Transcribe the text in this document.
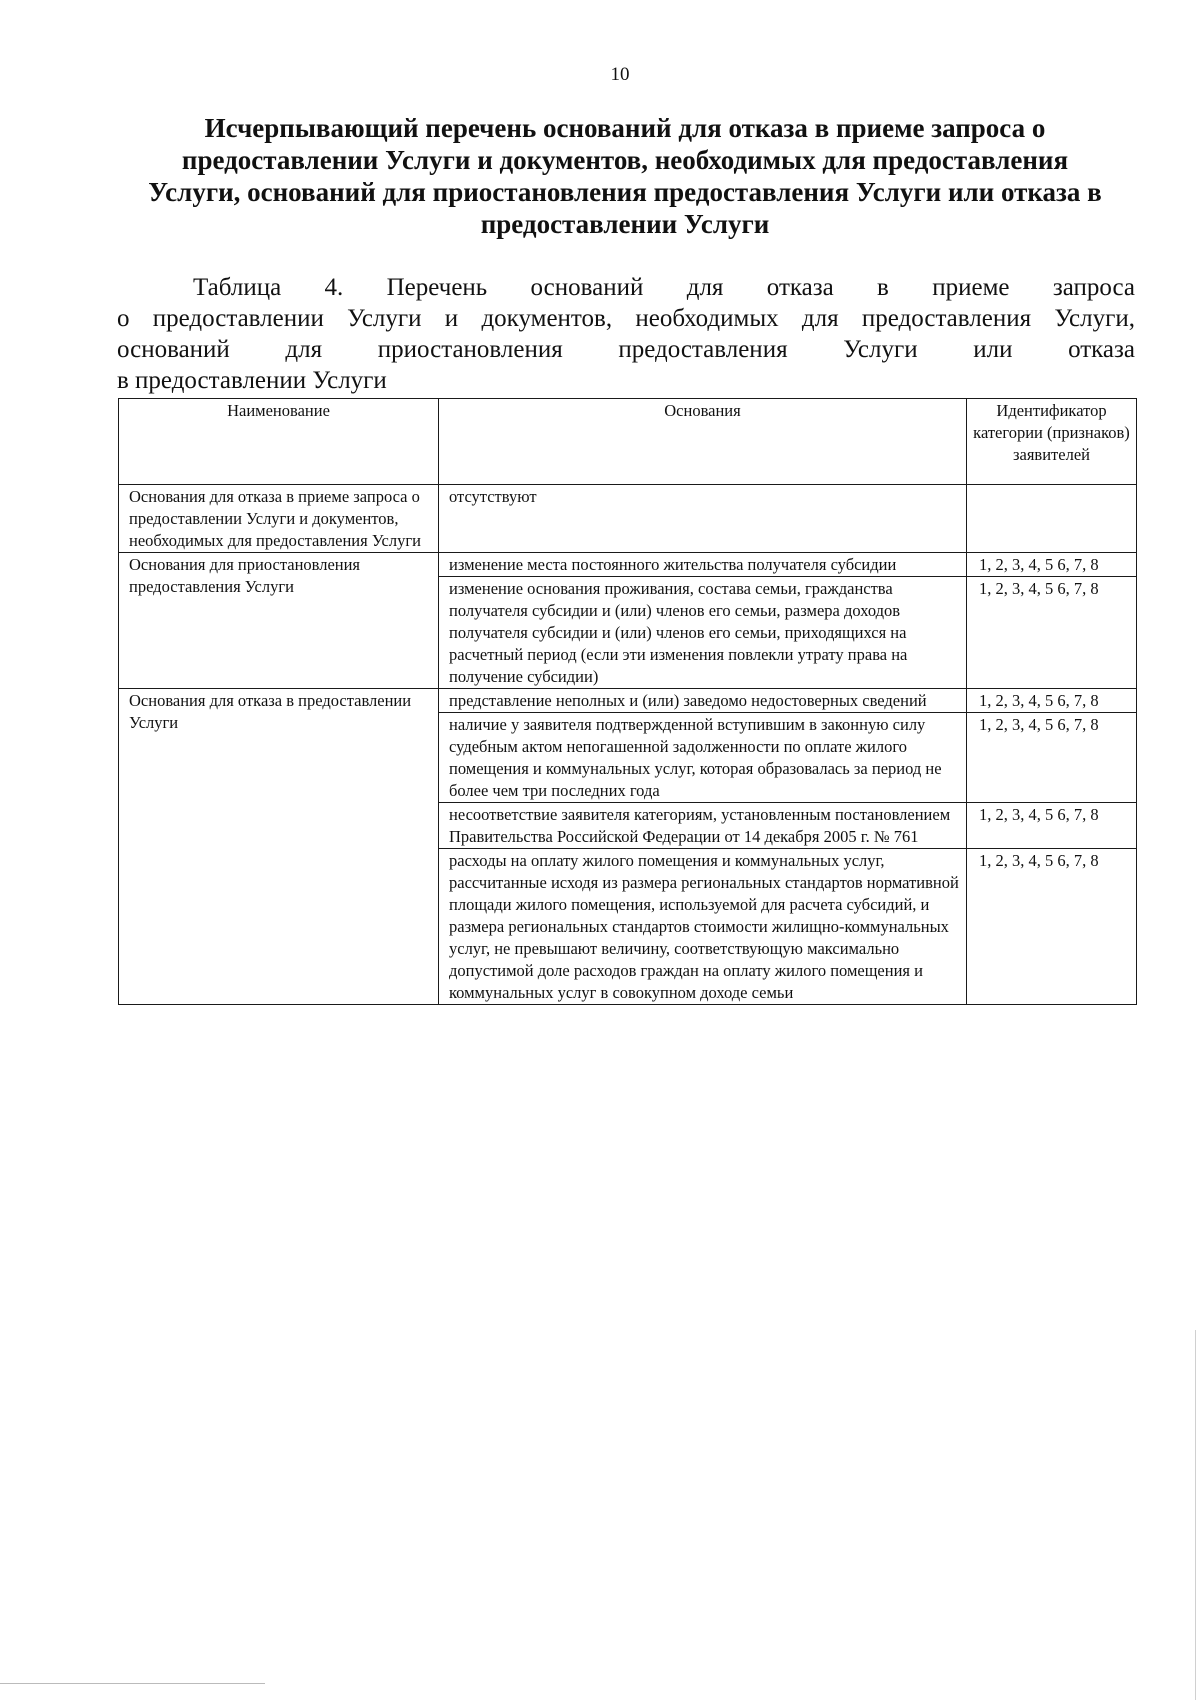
10
Исчерпывающий перечень оснований для отказа в приеме запроса о
предоставлении Услуги и документов, необходимых для предоставления
Услуги, оснований для приостановления предоставления Услуги или отказа в
предоставлении Услуги
Таблица 4. Перечень оснований для отказа в приеме запроса
о предоставлении Услуги и документов, необходимых для предоставления Услуги,
оснований для приостановления предоставления Услуги или отказа
в предоставлении Услуги
Наименование	Основания	Идентификатор категории (признаков) заявителей
Основания для отказа в приеме запроса о предоставлении Услуги и документов, необходимых для предоставления Услуги	отсутствуют	
Основания для приостановления предоставления Услуги	изменение места постоянного жительства получателя субсидии	1, 2, 3, 4, 5 6, 7, 8
	изменение основания проживания, состава семьи, гражданства получателя субсидии и (или) членов его семьи, размера доходов получателя субсидии и (или) членов его семьи, приходящихся на расчетный период (если эти изменения повлекли утрату права на получение субсидии)	1, 2, 3, 4, 5 6, 7, 8
Основания для отказа в предоставлении Услуги	представление неполных и (или) заведомо недостоверных сведений	1, 2, 3, 4, 5 6, 7, 8
	наличие у заявителя подтвержденной вступившим в законную силу судебным актом непогашенной задолженности по оплате жилого помещения и коммунальных услуг, которая образовалась за период не более чем три последних года	1, 2, 3, 4, 5 6, 7, 8
	несоответствие заявителя категориям, установленным постановлением Правительства Российской Федерации от 14 декабря 2005 г. № 761	1, 2, 3, 4, 5 6, 7, 8
	расходы на оплату жилого помещения и коммунальных услуг, рассчитанные исходя из размера региональных стандартов нормативной площади жилого помещения, используемой для расчета субсидий, и размера региональных стандартов стоимости жилищно-коммунальных услуг, не превышают величину, соответствующую максимально допустимой доле расходов граждан на оплату жилого помещения и коммунальных услуг в совокупном доходе семьи	1, 2, 3, 4, 5 6, 7, 8
